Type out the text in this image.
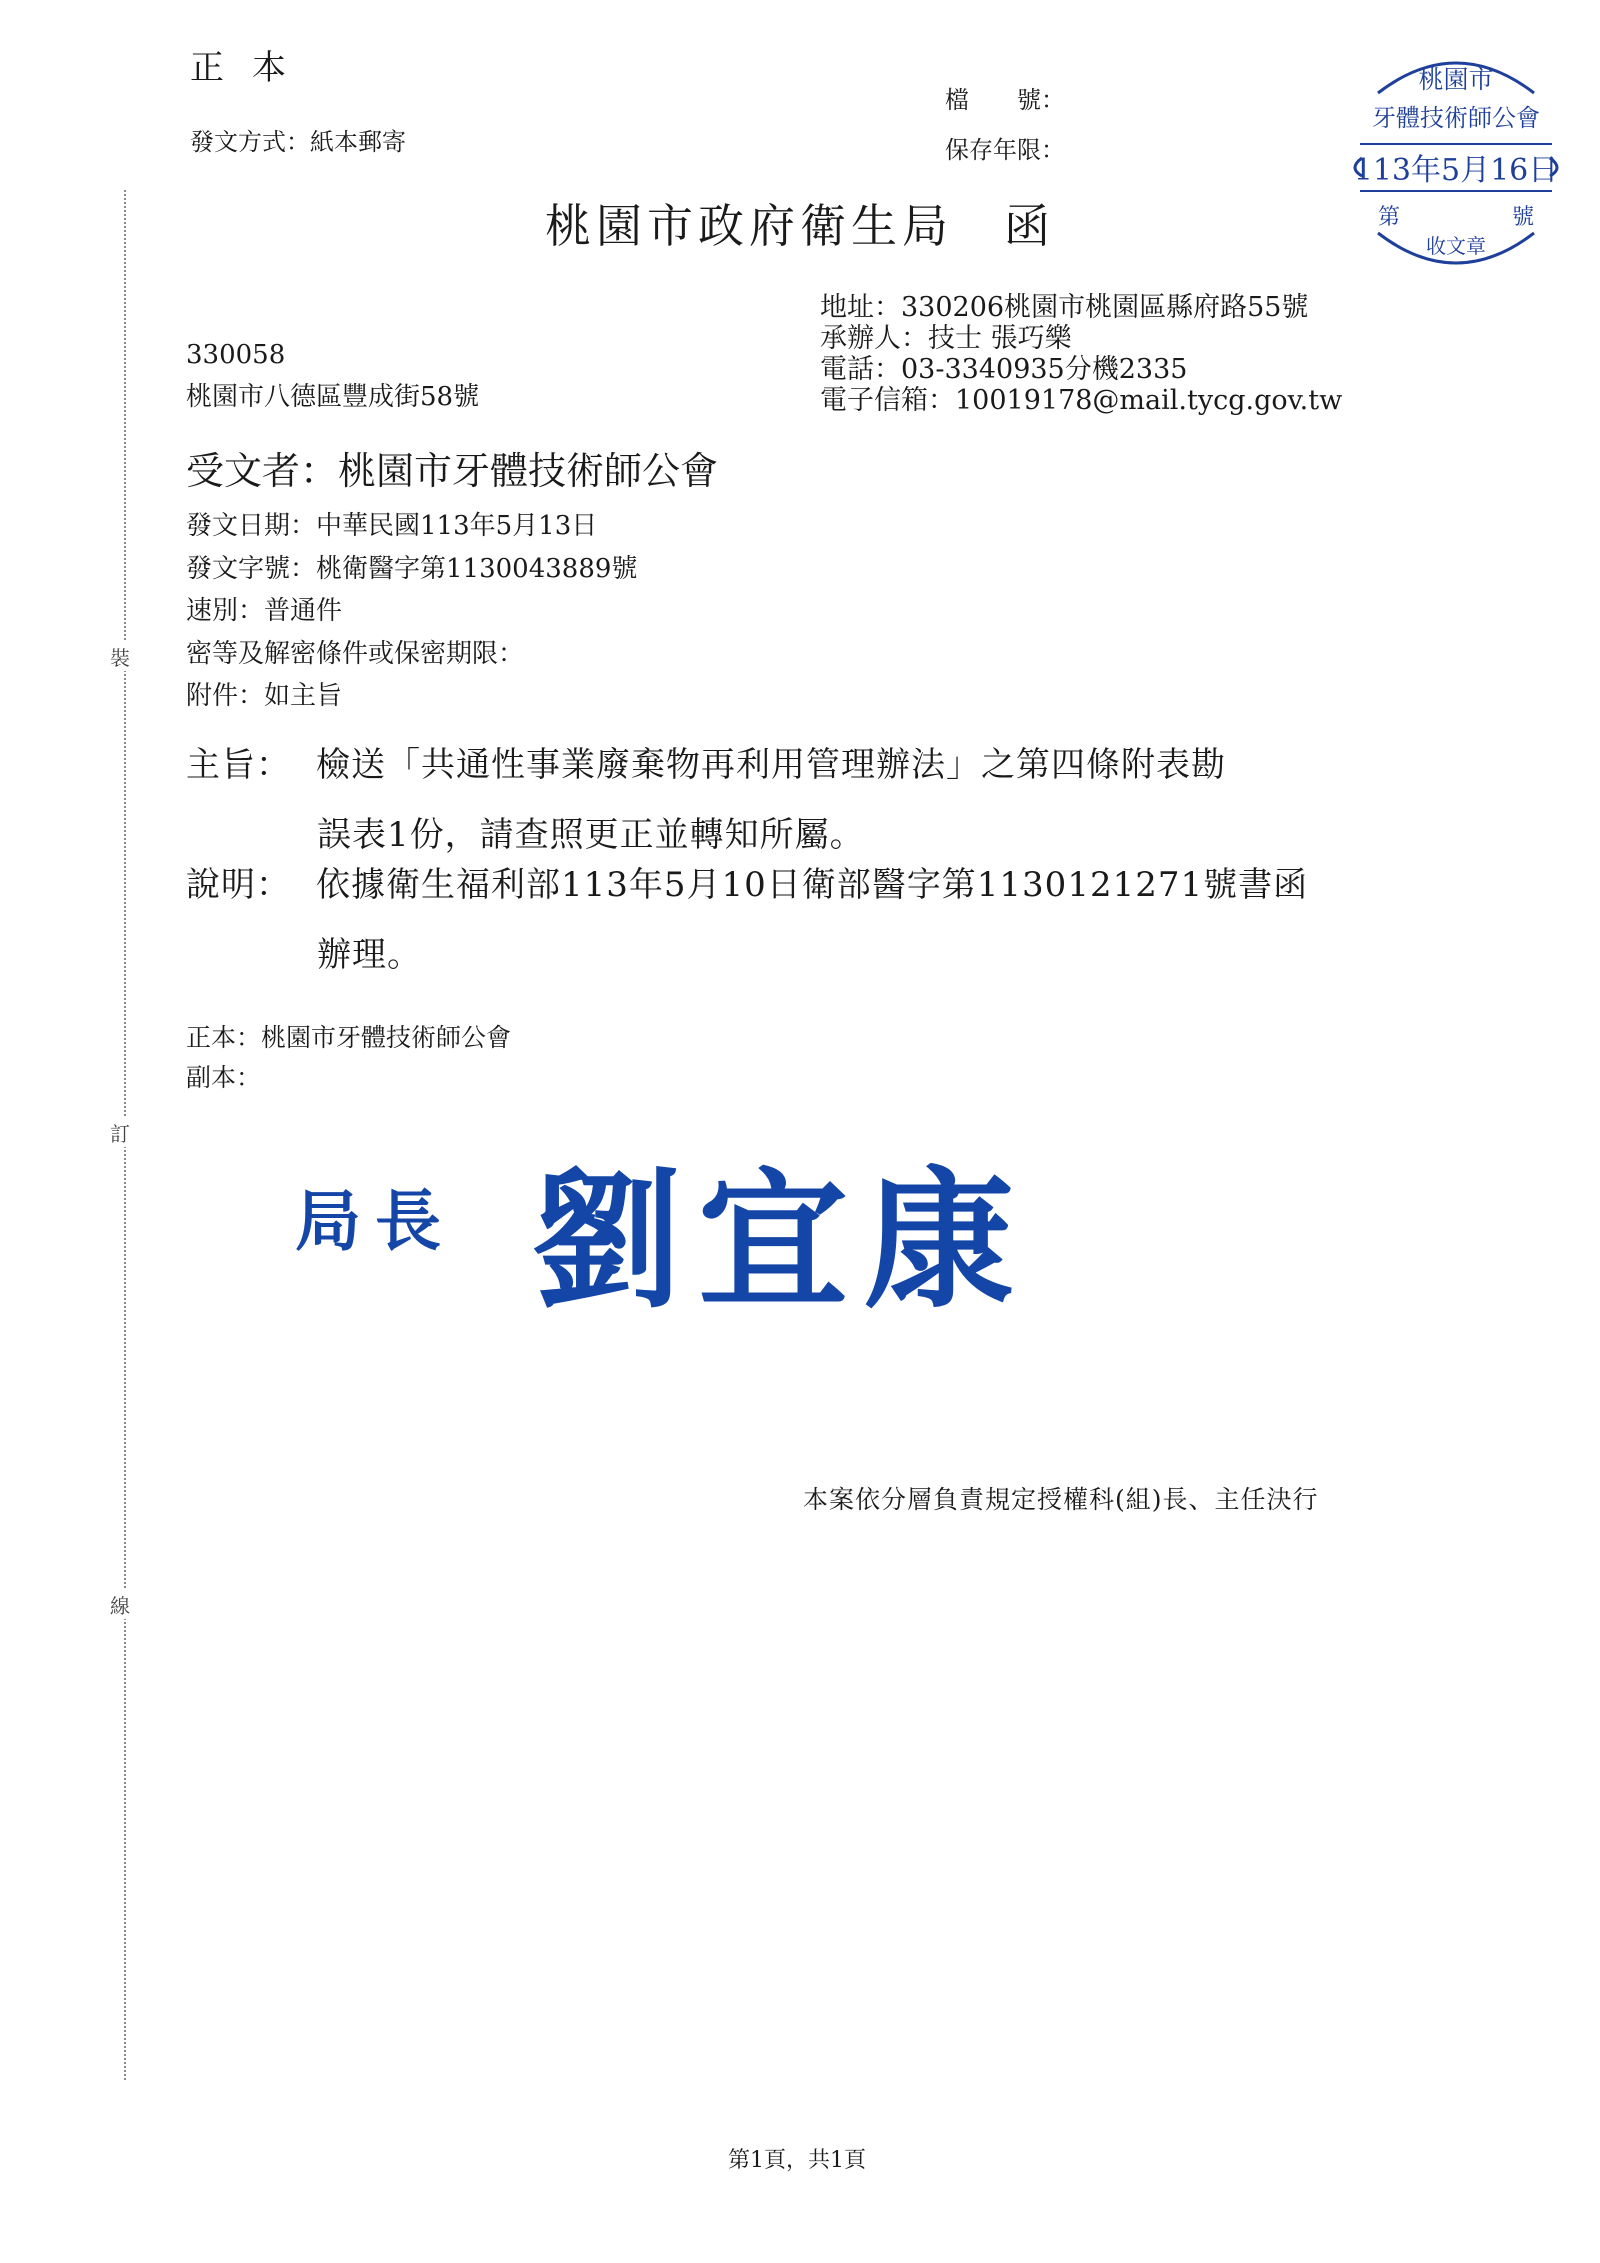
正本
發文方式：紙本郵寄
檔　　號：
保存年限：
桃園市
牙體技術師公會
113年5月16日
第	號
收文章
桃園市政府衛生局　函
地址：330206桃園市桃園區縣府路55號
承辦人：技士 張巧樂
電話：03-3340935分機2335
電子信箱：10019178@mail.tycg.gov.tw
330058
桃園市八德區豐成街58號
受文者：桃園市牙體技術師公會
發文日期：中華民國113年5月13日
發文字號：桃衛醫字第1130043889號
速別：普通件
密等及解密條件或保密期限：
附件：如主旨
主旨： 檢送「共通性事業廢棄物再利用管理辦法」之第四條附表勘
誤表1份，請查照更正並轉知所屬。
說明： 依據衛生福利部113年5月10日衛部醫字第1130121271號書函
辦理。
正本：桃園市牙體技術師公會
副本：
局長 劉宜康
本案依分層負責規定授權科(組)長、主任決行
裝
訂
線
第1頁，共1頁
